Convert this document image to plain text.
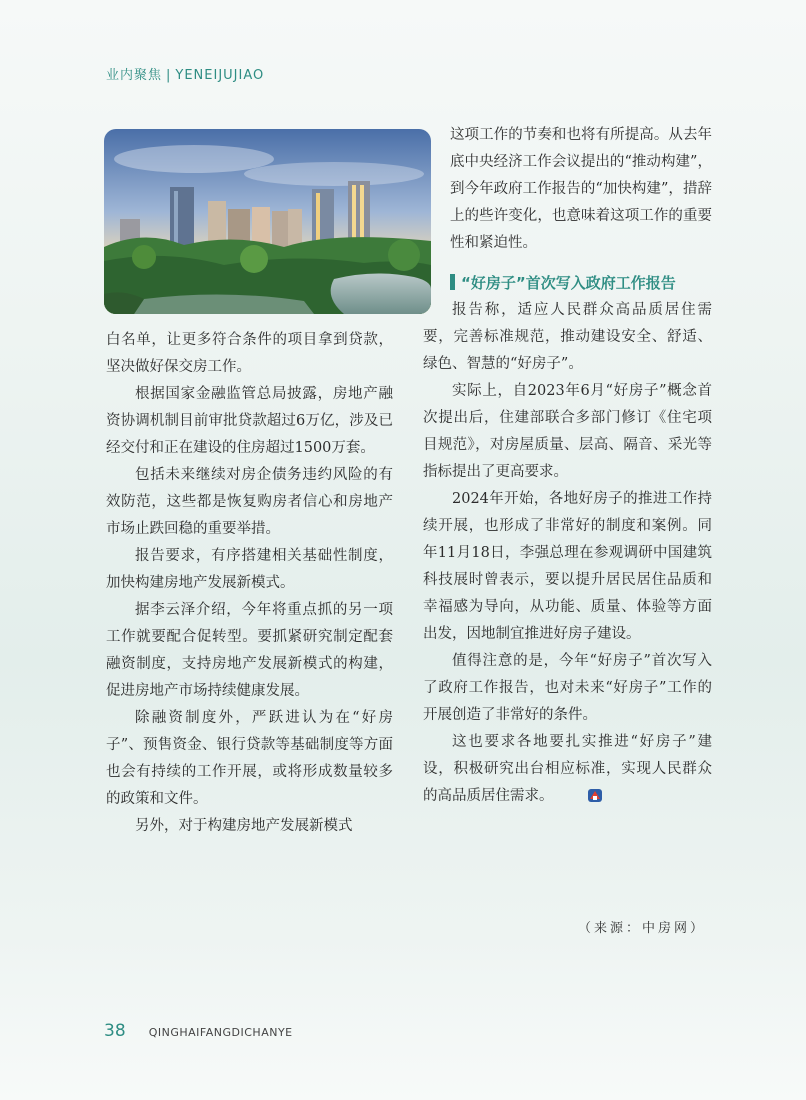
业内聚焦 | YENEIJUJIAO

白名单，让更多符合条件的项目拿到贷款，坚决做好保交房工作。

根据国家金融监管总局披露，房地产融资协调机制目前审批贷款超过6万亿，涉及已经交付和正在建设的住房超过1500万套。

包括未来继续对房企债务违约风险的有效防范，这些都是恢复购房者信心和房地产市场止跌回稳的重要举措。

报告要求，有序搭建相关基础性制度，加快构建房地产发展新模式。

据李云泽介绍，今年将重点抓的另一项工作就要配合促转型。要抓紧研究制定配套融资制度，支持房地产发展新模式的构建，促进房地产市场持续健康发展。

除融资制度外，严跃进认为在“好房子”、预售资金、银行贷款等基础制度等方面也会有持续的工作开展，或将形成数量较多的政策和文件。

另外，对于构建房地产发展新模式

这项工作的节奏和也将有所提高。从去年底中央经济工作会议提出的“推动构建”，到今年政府工作报告的“加快构建”，措辞上的些许变化，也意味着这项工作的重要性和紧迫性。

“好房子”首次写入政府工作报告

报告称，适应人民群众高品质居住需要，完善标准规范，推动建设安全、舒适、绿色、智慧的“好房子”。

实际上，自2023年6月“好房子”概念首次提出后，住建部联合多部门修订《住宅项目规范》，对房屋质量、层高、隔音、采光等指标提出了更高要求。

2024年开始，各地好房子的推进工作持续开展，也形成了非常好的制度和案例。同年11月18日，李强总理在参观调研中国建筑科技展时曾表示，要以提升居民居住品质和幸福感为导向，从功能、质量、体验等方面出发，因地制宜推进好房子建设。

值得注意的是，今年“好房子”首次写入了政府工作报告，也对未来“好房子”工作的开展创造了非常好的条件。

这也要求各地要扎实推进“好房子”建设，积极研究出台相应标准，实现人民群众的高品质居住需求。

（来源：中房网）
38 QINGHAIFANGDICHANYE
